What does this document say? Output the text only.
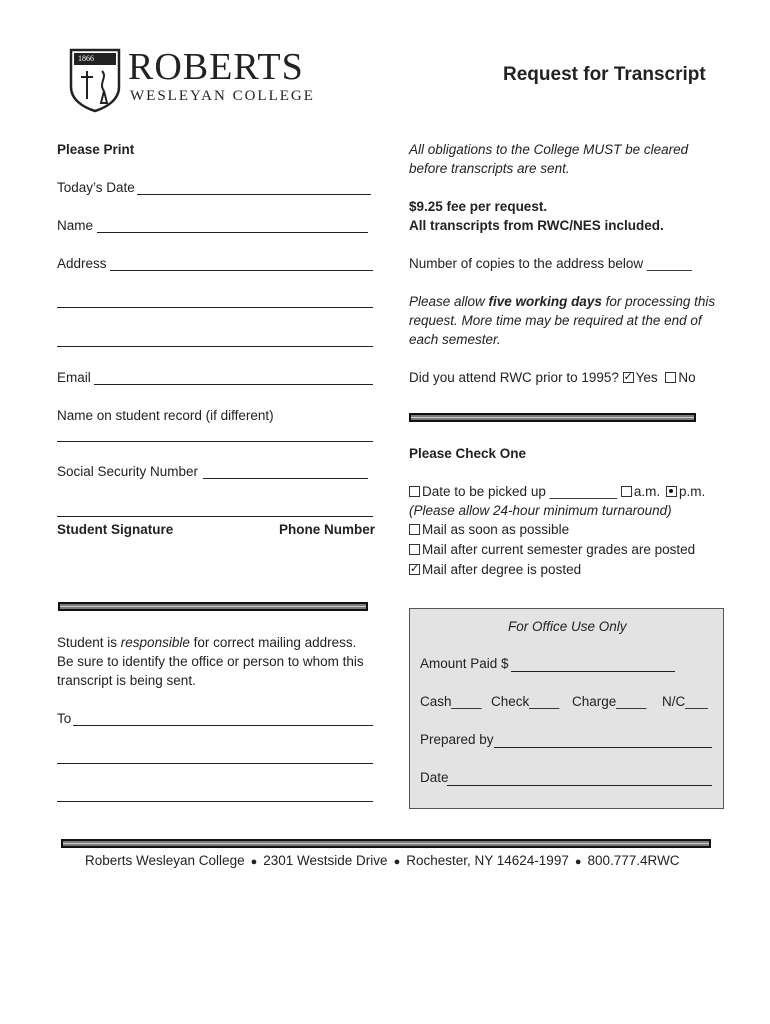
1866 ROBERTS
WESLEYAN COLLEGE
Request for Transcript
Please Print
Today’s Date
Name
Address
Email
Name on student record (if different)
Social Security Number
Student Signature	Phone Number
Student is responsible for correct mailing address.
Be sure to identify the office or person to whom this
transcript is being sent.
To
All obligations to the College MUST be cleared
before transcripts are sent.
$9.25 fee per request.
All transcripts from RWC/NES included.
Number of copies to the address below ______
Please allow five working days for processing this
request. More time may be required at the end of
each semester.
Did you attend RWC prior to 1995? ✓Yes No
Please Check One
Date to be picked up _________ a.m. p.m.
(Please allow 24-hour minimum turnaround)
Mail as soon as possible
Mail after current semester grades are posted
✓Mail after degree is posted
For Office Use Only
Amount Paid $
Cash____ Check____ Charge____ N/C___
Prepared by
Date
Roberts Wesleyan College ● 2301 Westside Drive ● Rochester, NY 14624-1997 ● 800.777.4RWC
